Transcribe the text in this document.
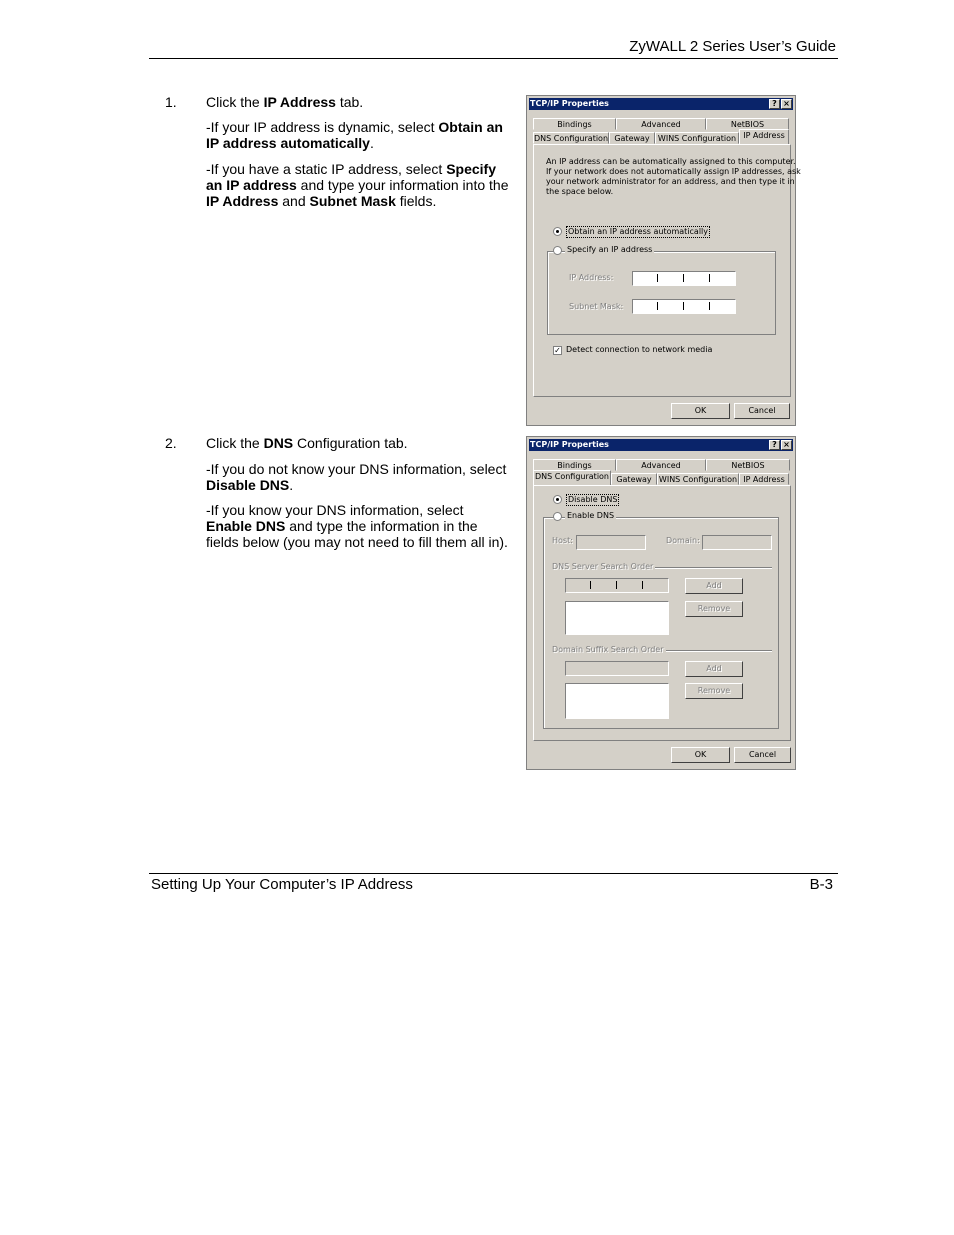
ZyWALL 2 Series User’s Guide
1. Click the IP Address tab.
-If your IP address is dynamic, select Obtain an IP address automatically.
-If you have a static IP address, select Specify an IP address and type your information into the IP Address and Subnet Mask fields.
TCP/IP Properties	? ×
Bindings	Advanced	NetBIOS
DNS Configuration Gateway	WINS Configuration IP Address
An IP address can be automatically assigned to this computer.
If your network does not automatically assign IP addresses, ask
your network administrator for an address, and then type it in
the space below.
Obtain an IP address automatically
Specify an IP address
IP Address:
Subnet Mask:
✓ Detect connection to network media
OK	Cancel
2. Click the DNS Configuration tab.
-If you do not know your DNS information, select Disable DNS.
-If you know your DNS information, select Enable DNS and type the information in the fields below (you may not need to fill them all in).
TCP/IP Properties	? ×
Bindings	Advanced	NetBIOS
DNS Configuration Gateway WINS Configuration IP Address
Disable DNS
Enable DNS
Host:	Domain:
DNS Server Search Order
Add
Remove
Domain Suffix Search Order
Add
Remove
OK	Cancel
Setting Up Your Computer’s IP Address	B-3
